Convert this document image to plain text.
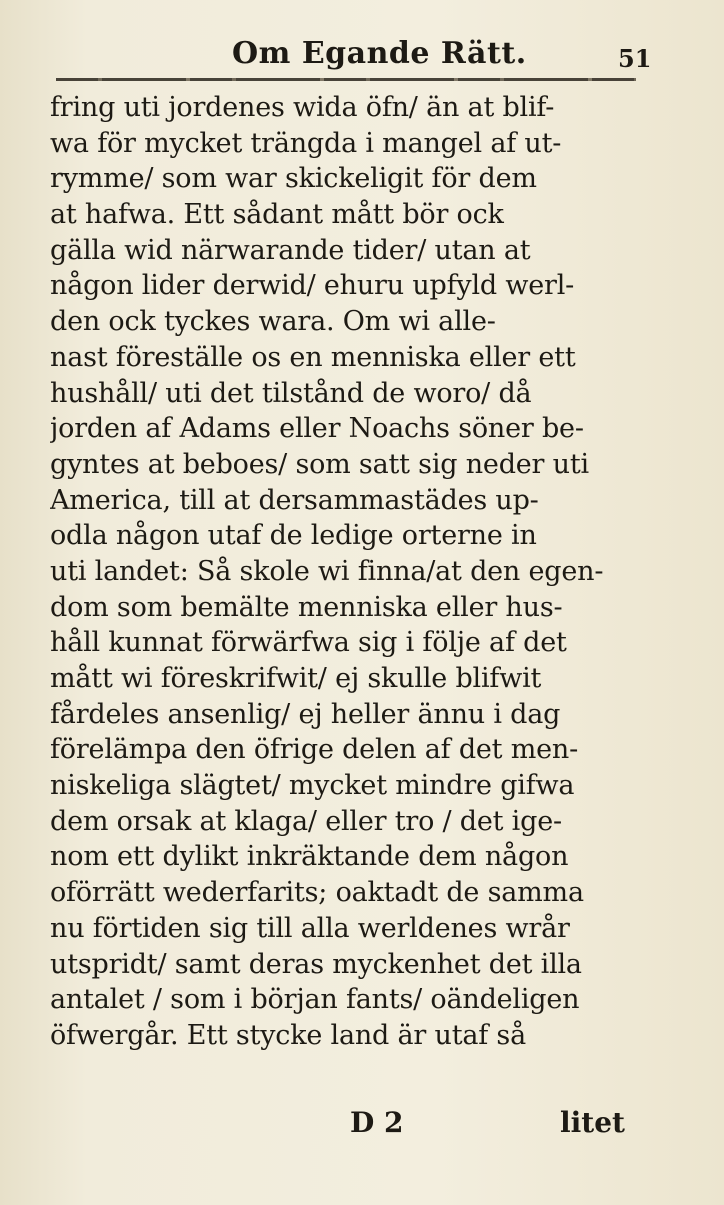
Om Egande Rätt.	51
fring uti jordenes wida öfn/ än at blif-
wa för mycket trängda i mangel af ut-
rymme/ som war skickeligit för dem
at hafwa. Ett sådant mått bör ock
gälla wid närwarande tider/ utan at
någon lider derwid/ ehuru upfyld werl-
den ock tyckes wara. Om wi alle-
nast föreställe os en menniska eller ett
hushåll/ uti det tilstånd de woro/ då
jorden af Adams eller Noachs söner be-
gyntes at beboes/ som satt sig neder uti
America, till at dersammastädes up-
odla någon utaf de ledige orterne in
uti landet: Så skole wi finna/at den egen-
dom som bemälte menniska eller hus-
håll kunnat förwärfwa sig i följe af det
mått wi föreskrifwit/ ej skulle blifwit
fårdeles ansenlig/ ej heller ännu i dag
förelämpa den öfrige delen af det men-
niskeliga slägtet/ mycket mindre gifwa
dem orsak at klaga/ eller tro / det ige-
nom ett dylikt inkräktande dem någon
oförrätt wederfarits; oaktadt de samma
nu förtiden sig till alla werldenes wrår
utspridt/ samt deras myckenhet det illa
antalet / som i början fants/ oändeligen
öfwergår. Ett stycke land är utaf så
D 2	litet
